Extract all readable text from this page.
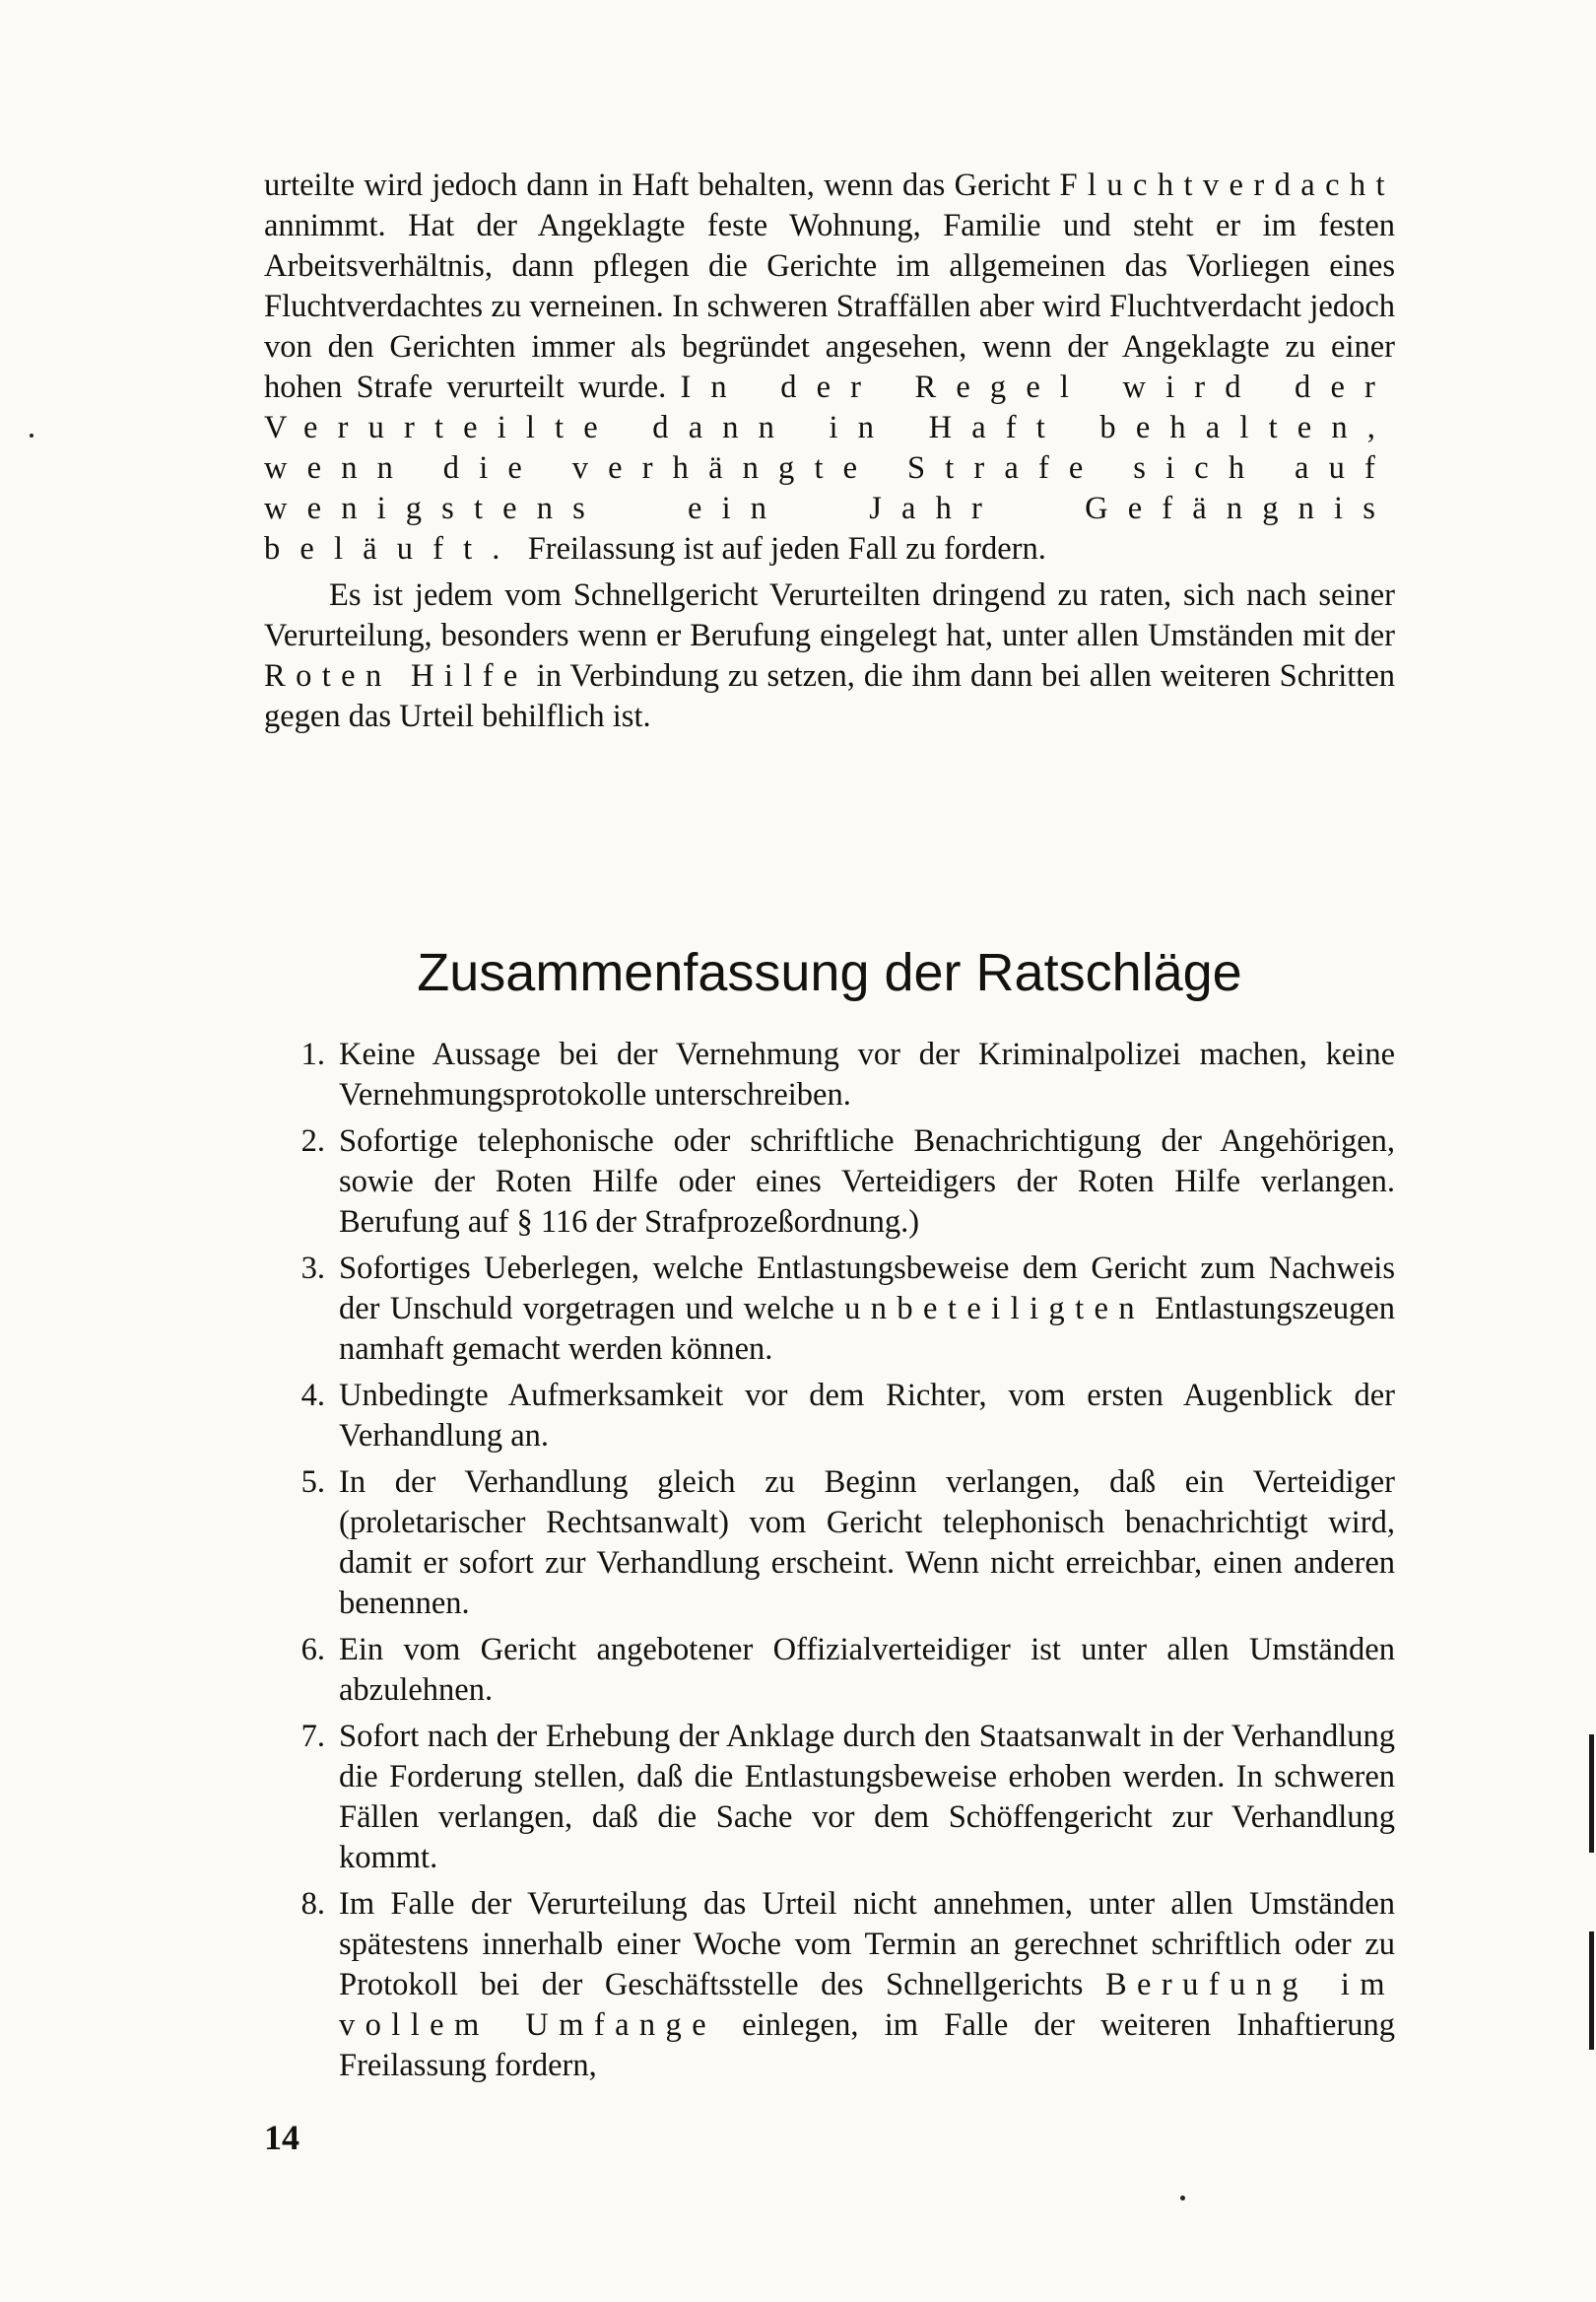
urteilte wird jedoch dann in Haft behalten, wenn das Gericht Fluchtverdacht annimmt. Hat der Angeklagte feste Wohnung, Familie und steht er im festen Arbeitsverhältnis, dann pflegen die Gerichte im allgemeinen das Vorliegen eines Fluchtverdachtes zu verneinen. In schweren Straffällen aber wird Fluchtverdacht jedoch von den Gerichten immer als begründet angesehen, wenn der Angeklagte zu einer hohen Strafe verurteilt wurde. In der Regel wird der Verurteilte dann in Haft behalten, wenn die verhängte Strafe sich auf wenigstens ein Jahr Gefängnis beläuft. Freilassung ist auf jeden Fall zu fordern.

Es ist jedem vom Schnellgericht Verurteilten dringend zu raten, sich nach seiner Verurteilung, besonders wenn er Berufung eingelegt hat, unter allen Umständen mit der Roten Hilfe in Verbindung zu setzen, die ihm dann bei allen weiteren Schritten gegen das Urteil behilflich ist.

Zusammenfassung der Ratschläge
1. Keine Aussage bei der Vernehmung vor der Kriminalpolizei machen, keine Vernehmungsprotokolle unterschreiben.
2. Sofortige telephonische oder schriftliche Benachrichtigung der Angehörigen, sowie der Roten Hilfe oder eines Verteidigers der Roten Hilfe verlangen. Berufung auf § 116 der Strafprozeßordnung.)
3. Sofortiges Ueberlegen, welche Entlastungsbeweise dem Gericht zum Nachweis der Unschuld vorgetragen und welche unbeteiligten Entlastungszeugen namhaft gemacht werden können.
4. Unbedingte Aufmerksamkeit vor dem Richter, vom ersten Augenblick der Verhandlung an.
5. In der Verhandlung gleich zu Beginn verlangen, daß ein Verteidiger (proletarischer Rechtsanwalt) vom Gericht telephonisch benachrichtigt wird, damit er sofort zur Verhandlung erscheint. Wenn nicht erreichbar, einen anderen benennen.
6. Ein vom Gericht angebotener Offizialverteidiger ist unter allen Umständen abzulehnen.
7. Sofort nach der Erhebung der Anklage durch den Staatsanwalt in der Verhandlung die Forderung stellen, daß die Entlastungsbeweise erhoben werden. In schweren Fällen verlangen, daß die Sache vor dem Schöffengericht zur Verhandlung kommt.
8. Im Falle der Verurteilung das Urteil nicht annehmen, unter allen Umständen spätestens innerhalb einer Woche vom Termin an gerechnet schriftlich oder zu Protokoll bei der Geschäftsstelle des Schnellgerichts Berufung im vollem Umfange einlegen, im Falle der weiteren Inhaftierung Freilassung fordern,
14
